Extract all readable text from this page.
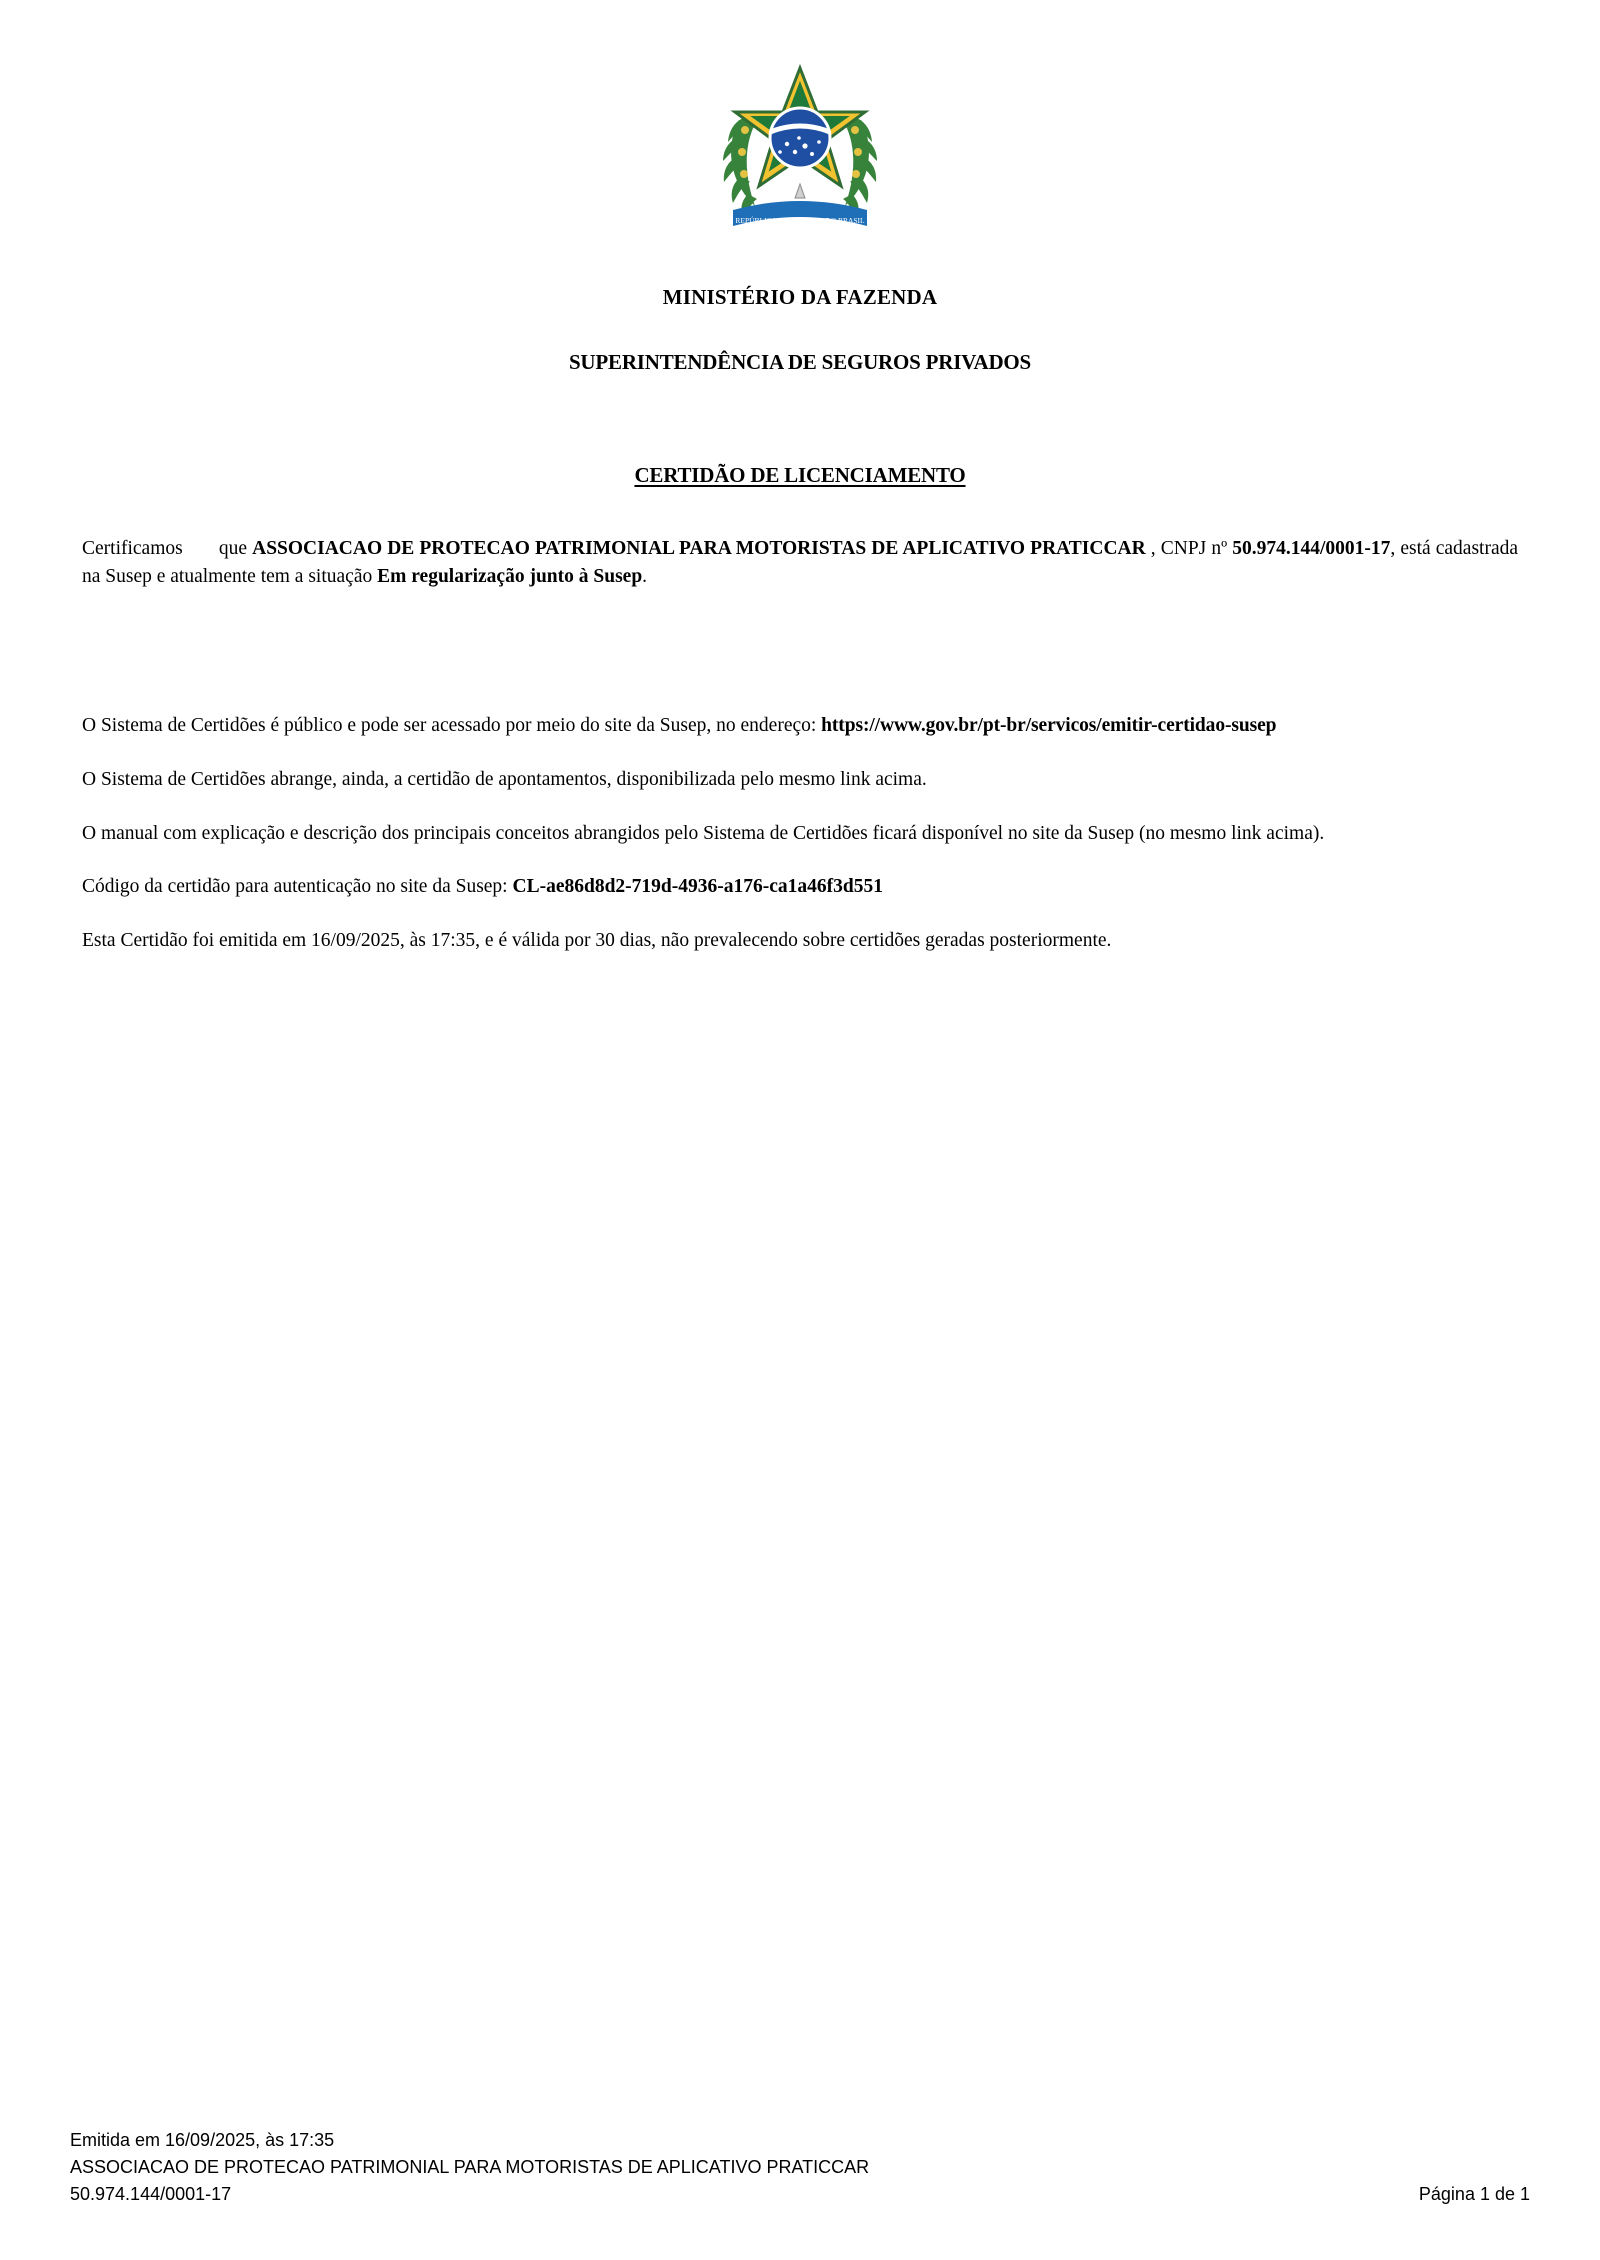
REPÚBLICA FEDERATIVA DO BRASIL
MINISTÉRIO DA FAZENDA
SUPERINTENDÊNCIA DE SEGUROS PRIVADOS
CERTIDÃO DE LICENCIAMENTO

Certificamos que ASSOCIACAO DE PROTECAO PATRIMONIAL PARA MOTORISTAS DE APLICATIVO PRATICCAR , CNPJ nº 50.974.144/0001-17, está cadastrada na Susep e atualmente tem a situação Em regularização junto à Susep.

O Sistema de Certidões é público e pode ser acessado por meio do site da Susep, no endereço: https://www.gov.br/pt-br/servicos/emitir-certidao-susep

O Sistema de Certidões abrange, ainda, a certidão de apontamentos, disponibilizada pelo mesmo link acima.

O manual com explicação e descrição dos principais conceitos abrangidos pelo Sistema de Certidões ficará disponível no site da Susep (no mesmo link acima).

Código da certidão para autenticação no site da Susep: CL-ae86d8d2-719d-4936-a176-ca1a46f3d551

Esta Certidão foi emitida em 16/09/2025, às 17:35, e é válida por 30 dias, não prevalecendo sobre certidões geradas posteriormente.

Emitida em 16/09/2025, às 17:35
ASSOCIACAO DE PROTECAO PATRIMONIAL PARA MOTORISTAS DE APLICATIVO PRATICCAR
50.974.144/0001-17	Página 1 de 1
